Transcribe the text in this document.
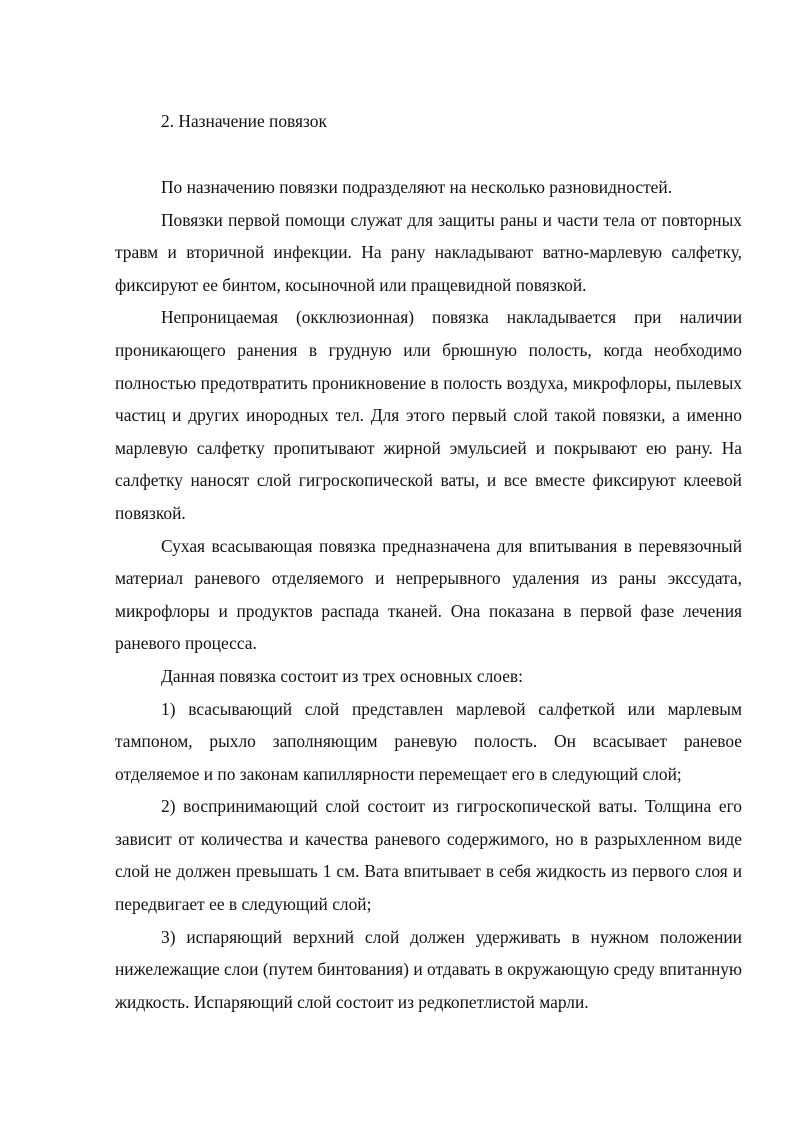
2. Назначение повязок

По назначению повязки подразделяют на несколько разновидностей.

Повязки первой помощи служат для защиты раны и части тела от повторных травм и вторичной инфекции. На рану накладывают ватно-марлевую салфетку, фиксируют ее бинтом, косыночной или пращевидной повязкой.

Непроницаемая (окклюзионная) повязка накладывается при наличии проникающего ранения в грудную или брюшную полость, когда необходимо полностью предотвратить проникновение в полость воздуха, микрофлоры, пылевых частиц и других инородных тел. Для этого первый слой такой повязки, а именно марлевую салфетку пропитывают жирной эмульсией и покрывают ею рану. На салфетку наносят слой гигроскопической ваты, и все вместе фиксируют клеевой повязкой.

Сухая всасывающая повязка предназначена для впитывания в перевязочный материал раневого отделяемого и непрерывного удаления из раны экссудата, микрофлоры и продуктов распада тканей. Она показана в первой фазе лечения раневого процесса.

Данная повязка состоит из трех основных слоев:

1) всасывающий слой представлен марлевой салфеткой или марлевым тампоном, рыхло заполняющим раневую полость. Он всасывает раневое отделяемое и по законам капиллярности перемещает его в следующий слой;

2) воспринимающий слой состоит из гигроскопической ваты. Толщина его зависит от количества и качества раневого содержимого, но в разрыхленном виде слой не должен превышать 1 см. Вата впитывает в себя жидкость из первого слоя и передвигает ее в следующий слой;

3) испаряющий верхний слой должен удерживать в нужном положении нижележащие слои (путем бинтования) и отдавать в окружающую среду впитанную жидкость. Испаряющий слой состоит из редкопетлистой марли.
